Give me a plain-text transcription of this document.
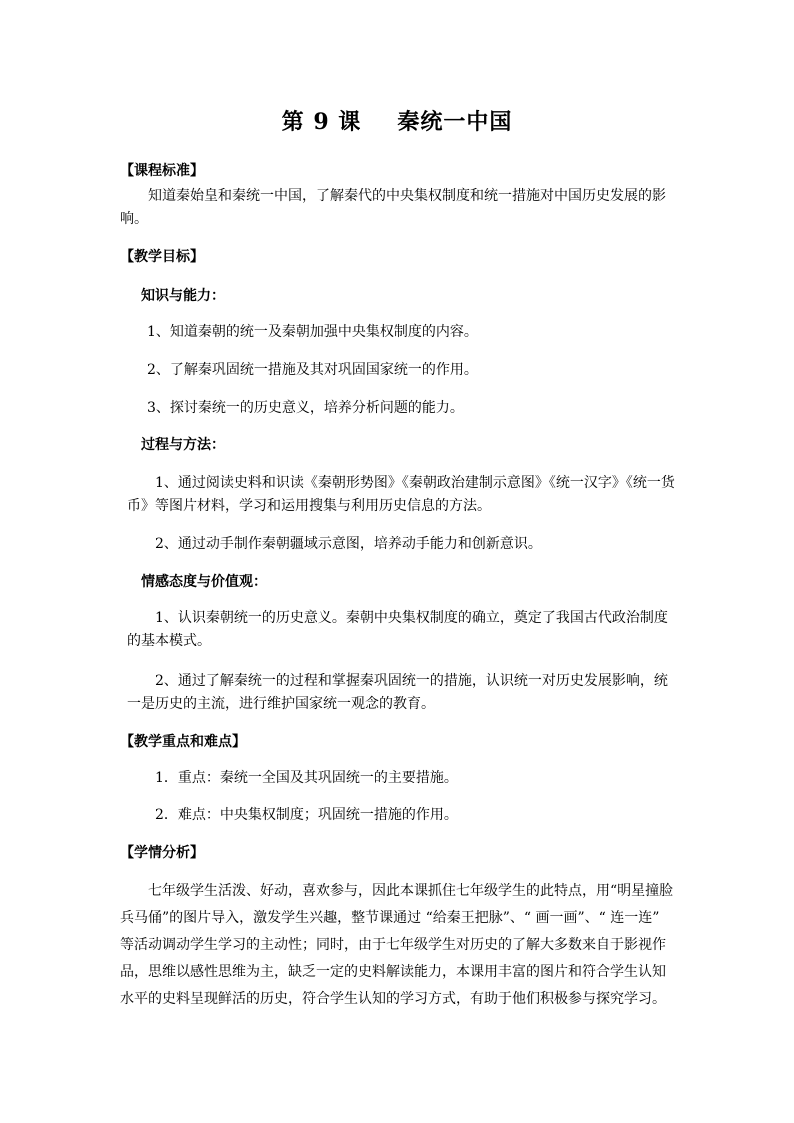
第 9 课 秦统一中国
【课程标准】
知道秦始皇和秦统一中国，了解秦代的中央集权制度和统一措施对中国历史发展的影响。
【教学目标】
知识与能力：
1、知道秦朝的统一及秦朝加强中央集权制度的内容。
2、了解秦巩固统一措施及其对巩固国家统一的作用。
3、探讨秦统一的历史意义，培养分析问题的能力。
过程与方法：
1、通过阅读史料和识读《秦朝形势图》《秦朝政治建制示意图》《统一汉字》《统一货币》等图片材料，学习和运用搜集与利用历史信息的方法。
2、通过动手制作秦朝疆域示意图，培养动手能力和创新意识。
情感态度与价值观：
1、认识秦朝统一的历史意义。秦朝中央集权制度的确立，奠定了我国古代政治制度的基本模式。
2、通过了解秦统一的过程和掌握秦巩固统一的措施，认识统一对历史发展影响，统一是历史的主流，进行维护国家统一观念的教育。
【教学重点和难点】
1．重点：秦统一全国及其巩固统一的主要措施。
2．难点：中央集权制度；巩固统一措施的作用。
【学情分析】
七年级学生活泼、好动，喜欢参与，因此本课抓住七年级学生的此特点，用“明星撞脸兵马俑”的图片导入，激发学生兴趣，整节课通过 “给秦王把脉”、“ 画一画”、“ 连一连” 等活动调动学生学习的主动性；同时，由于七年级学生对历史的了解大多数来自于影视作品，思维以感性思维为主，缺乏一定的史料解读能力，本课用丰富的图片和符合学生认知水平的史料呈现鲜活的历史，符合学生认知的学习方式，有助于他们积极参与探究学习。
